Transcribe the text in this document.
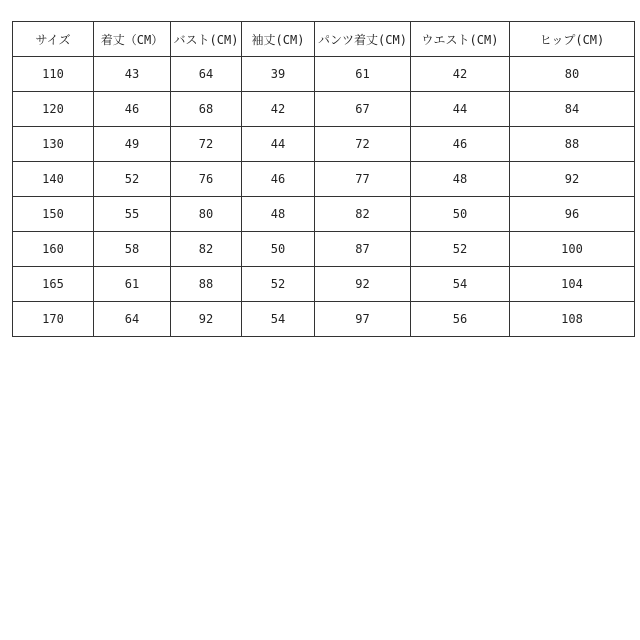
サイズ	着丈（CM）	バスト(CM)	袖丈(CM)	パンツ着丈(CM)	ウエスト(CM)	ヒップ(CM)
110	43	64	39	61	42	80
120	46	68	42	67	44	84
130	49	72	44	72	46	88
140	52	76	46	77	48	92
150	55	80	48	82	50	96
160	58	82	50	87	52	100
165	61	88	52	92	54	104
170	64	92	54	97	56	108
